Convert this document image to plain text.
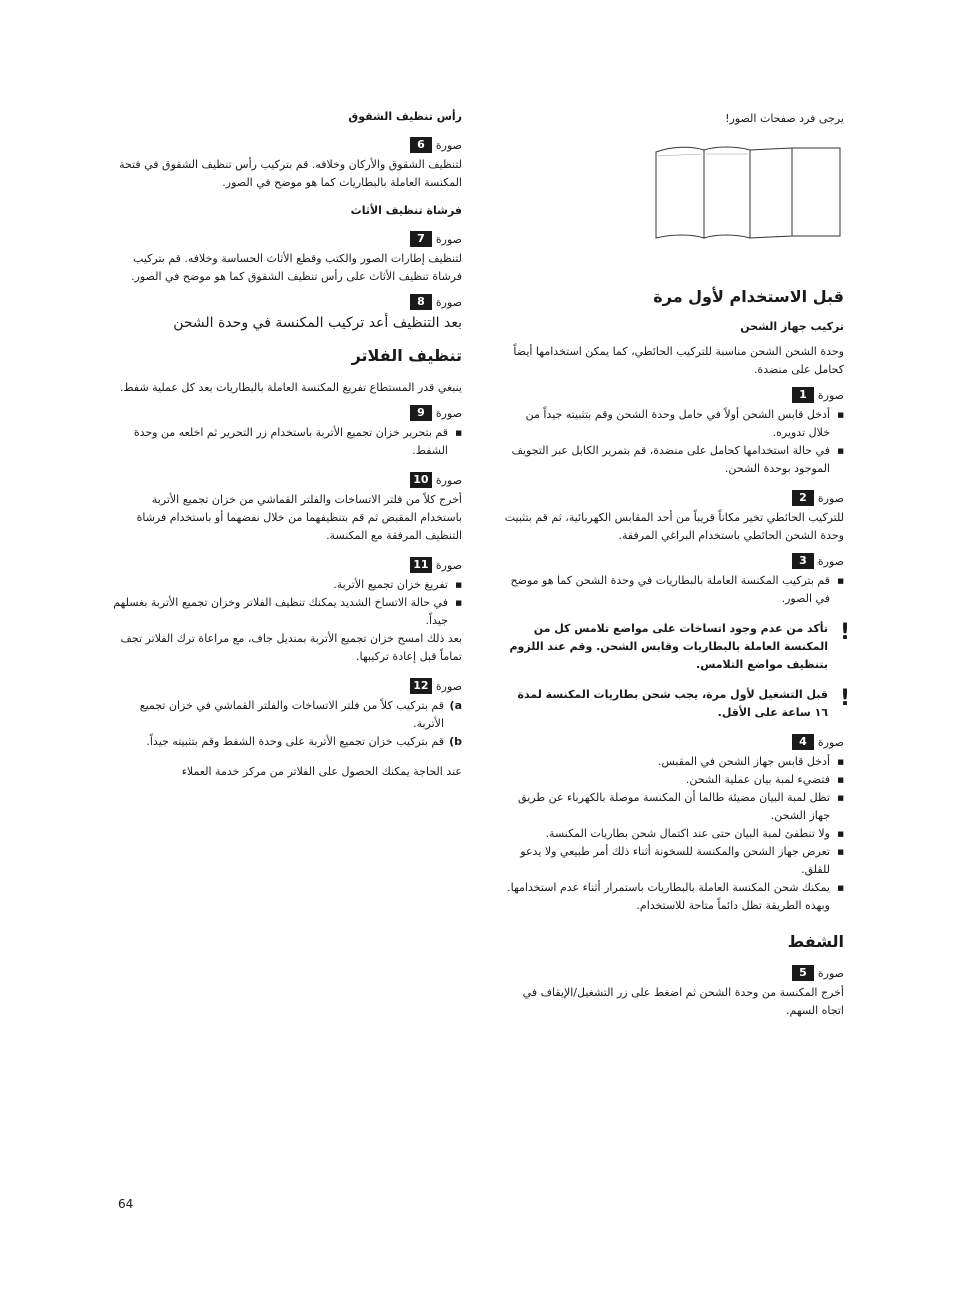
يرجى فرد صفحات الصور!

قبل الاستخدام لأول مرة

تركيب جهاز الشحن

وحدة الشحن الشحن مناسبة للتركيب الحائطي، كما يمكن استخدامها أيضاً كحامل على منضدة.

صورة
1
■ أدخل قابس الشحن أولاً في حامل وحدة الشحن وقم بتثبيته جيداً من خلال تدويره.
■ في حالة استخدامها كحامل على منضدة، قم بتمرير الكابل عبر التجويف الموجود بوحدة الشحن.
صورة
2

للتركيب الحائطي تخير مكاناً قريباً من أحد المقابس الكهربائية، ثم قم بتثبيت وحدة الشحن الحائطي باستخدام البراغي المرفقة.

صورة
3
■ قم بتركيب المكنسة العاملة بالبطاريات في وحدة الشحن كما هو موضح في الصور.
!
تأكد من عدم وجود اتساخات على مواضع تلامس كل من المكنسة العاملة بالبطاريات وقابس الشحن. وقم عند اللزوم بتنظيف مواضع التلامس.
!
قبل التشغيل لأول مرة، يجب شحن بطاريات المكنسة لمدة ١٦ ساعة على الأقل.
صورة
4
■ أدخل قابس جهاز الشحن في المقبس.
■ فتضيء لمبة بيان عملية الشحن.
■ تظل لمبة البيان مضيئة طالما أن المكنسة موصلة بالكهرباء عن طريق جهاز الشحن.
■ ولا تنطفئ لمبة البيان حتى عند اكتمال شحن بطاريات المكنسة.
■ تعرض جهاز الشحن والمكنسة للسخونة أثناء ذلك أمر طبيعي ولا يدعو للقلق.
■ يمكنك شحن المكنسة العاملة بالبطاريات باستمرار أثناء عدم استخدامها. وبهذه الطريقة تظل دائماً متاحة للاستخدام.

الشفط

صورة
5

أخرج المكنسة من وحدة الشحن ثم اضغط على زر التشغيل/الإيقاف في اتجاه السهم.

رأس تنظيف الشقوق

صورة
6

لتنظيف الشقوق والأركان وخلافه. قم بتركيب رأس تنظيف الشقوق في فتحة المكنسة العاملة بالبطاريات كما هو موضح في الصور.

فرشاة تنظيف الأثاث

صورة
7

لتنظيف إطارات الصور والكتب وقطع الأثاث الحساسة وخلافه. قم بتركيب فرشاة تنظيف الأثاث على رأس تنظيف الشقوق كما هو موضح في الصور.

صورة
8

بعد التنظيف أعد تركيب المكنسة في وحدة الشحن

تنظيف الفلاتر

ينبغي قدر المستطاع تفريغ المكنسة العاملة بالبطاريات بعد كل عملية شفط.

صورة
9
■ قم بتحرير خزان تجميع الأتربة باستخدام زر التحرير ثم اخلعه من وحدة الشفط.
صورة
10

أخرج كلاً من فلتر الاتساخات والفلتر القماشي من خزان تجميع الأتربة باستخدام المقبض ثم قم بتنظيفهما من خلال نفضهما أو باستخدام فرشاة التنظيف المرفقة مع المكنسة.

صورة
11
■ تفريغ خزان تجميع الأتربة.
■ في حالة الاتساخ الشديد يمكنك تنظيف الفلاتر وخزان تجميع الأتربة بغسلهم جيداً.

بعد ذلك امسح خزان تجميع الأتربة بمنديل جاف، مع مراعاة ترك الفلاتر تجف تماماً قبل إعادة تركيبها.

صورة
12
a)
قم بتركيب كلاً من فلتر الاتساخات والفلتر القماشي في خزان تجميع الأتربة.
b)
قم بتركيب خزان تجميع الأتربة على وحدة الشفط وقم بتثبيته جيداً.

عند الحاجة يمكنك الحصول على الفلاتر من مركز خدمة العملاء

64
